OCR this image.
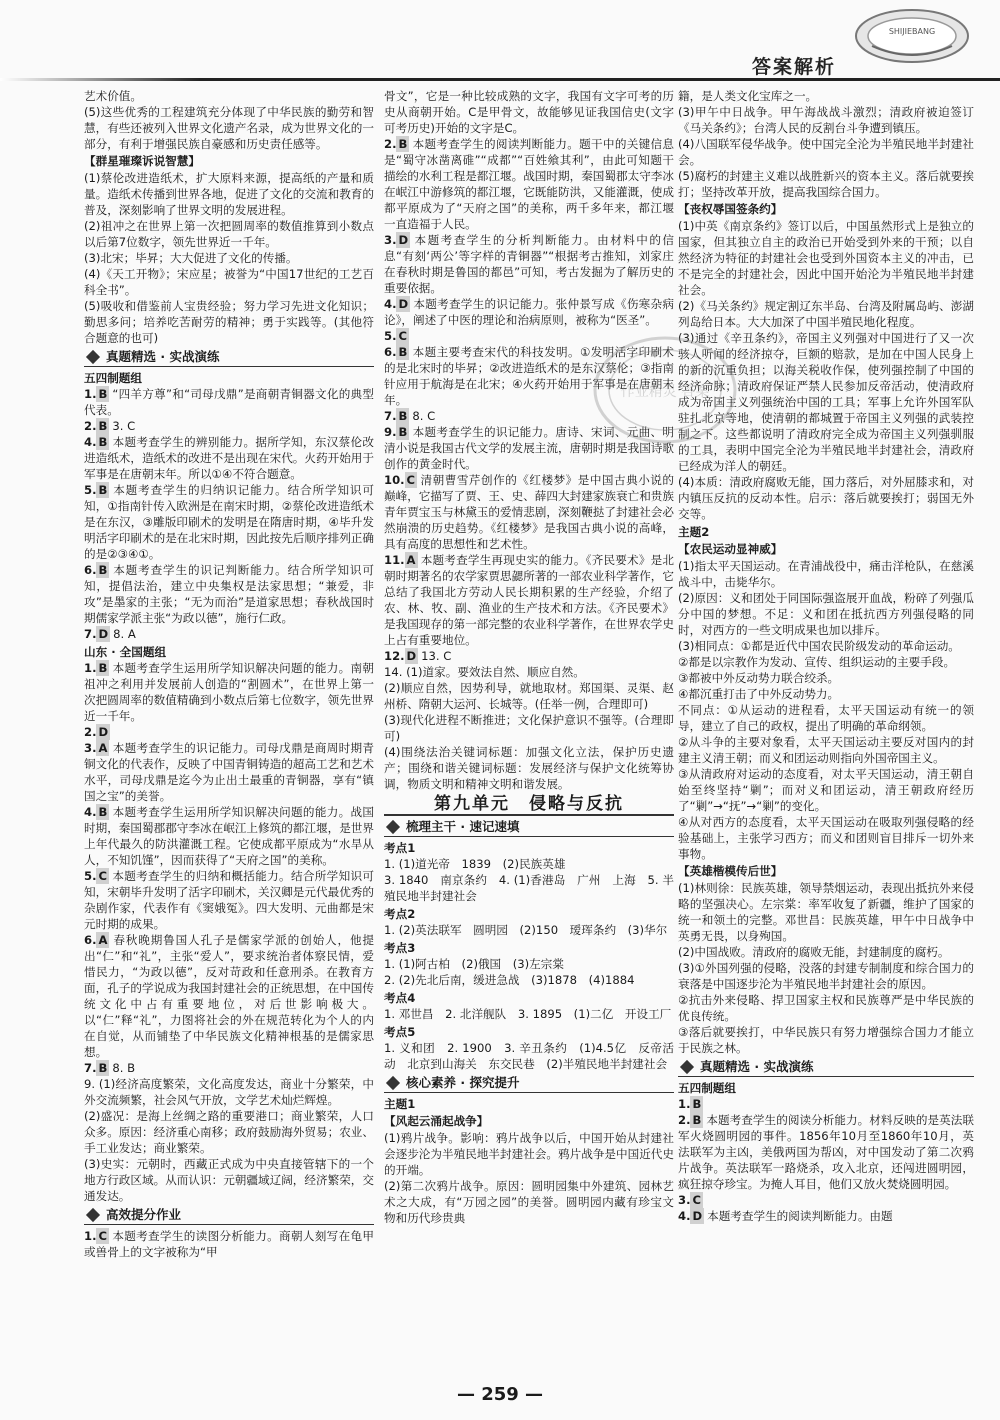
SHIJIEBANG
答案解析

艺术价值。

(5)这些优秀的工程建筑充分体现了中华民族的勤劳和智慧，有些还被列入世界文化遗产名录，成为世界文化的一部分，有利于增强民族自豪感和历史责任感等。

【群星璀璨诉说智慧】

(1)蔡伦改进造纸术，扩大原料来源，提高纸的产量和质量。造纸术传播到世界各地，促进了文化的交流和教育的普及，深刻影响了世界文明的发展进程。

(2)祖冲之在世界上第一次把圆周率的数值推算到小数点以后第7位数字，领先世界近一千年。

(3)北宋；毕昇；大大促进了文化的传播。

(4)《天工开物》；宋应星；被誉为“中国17世纪的工艺百科全书”。

(5)吸收和借鉴前人宝贵经验；努力学习先进文化知识；勤思多问；培养吃苦耐劳的精神；勇于实践等。(其他符合题意的也可)

真题精选 · 实战演练
五四制题组

1. B “四羊方尊”和“司母戊鼎”是商朝青铜器文化的典型代表。

2. B 3. C

4. B 本题考查学生的辨别能力。据所学知，东汉蔡伦改进造纸术，造纸术的改进不是出现在宋代。火药开始用于军事是在唐朝末年。所以①④不符合题意。

5. B 本题考查学生的归纳识记能力。结合所学知识可知，①指南针传入欧洲是在南宋时期，②蔡伦改进造纸术是在东汉，③雕版印刷术的发明是在隋唐时期，④毕升发明活字印刷术的是在北宋时期，因此按先后顺序排列正确的是②③④①。

6. B 本题考查学生的识记判断能力。结合所学知识可知，提倡法治，建立中央集权是法家思想；“兼爱，非攻”是墨家的主张；“无为而治”是道家思想；春秋战国时期儒家学派主张“为政以德”，施行仁政。

7. D 8. A

山东 · 全国题组

1. B 本题考查学生运用所学知识解决问题的能力。南朝祖冲之利用并发展前人创造的“割圆术”，在世界上第一次把圆周率的数值精确到小数点后第七位数字，领先世界近一千年。

2. D

3. A 本题考查学生的识记能力。司母戊鼎是商周时期青铜文化的代表作，反映了中国青铜铸造的超高工艺和艺术水平，司母戊鼎是迄今为止出土最重的青铜器，享有“镇国之宝”的美誉。

4. B 本题考查学生运用所学知识解决问题的能力。战国时期，秦国蜀郡郡守李冰在岷江上修筑的都江堰，是世界上年代最久的防洪灌溉工程。它使成都平原成为“水旱从人，不知饥馑”，因而获得了“天府之国”的美称。

5. C 本题考查学生的归纳和概括能力。结合所学知识可知，宋朝毕升发明了活字印刷术，关汉卿是元代最优秀的杂剧作家，代表作有《窦娥冤》。四大发明、元曲都是宋元时期的成果。

6. A 春秋晚期鲁国人孔子是儒家学派的创始人，他提出“仁”和“礼”，主张“爱人”，要求统治者体察民情，爱惜民力，“为政以德”，反对苛政和任意刑杀。在教育方面，孔子的学说成为我国封建社会的正统思想，在中国传统文化中占有重要地位，对后世影响极大。以“仁”释“礼”，力图将社会的外在规范转化为个人的内在自觉，从而铺垫了中华民族文化精神根基的是儒家思想。

7. B 8. B

9. (1)经济高度繁荣，文化高度发达，商业十分繁荣，中外交流频繁，社会风气开放，文学艺术灿烂辉煌。

(2)盛况：是海上丝绸之路的重要港口；商业繁荣，人口众多。原因：经济重心南移；政府鼓励海外贸易；农业、手工业发达；商业繁荣。

(3)史实：元朝时，西藏正式成为中央直接管辖下的一个地方行政区域。从而认识：元朝疆域辽阔，经济繁荣，交通发达。

高效提分作业

1. C 本题考查学生的读图分析能力。商朝人刻写在龟甲或兽骨上的文字被称为“甲

骨文”，它是一种比较成熟的文字，我国有文字可考的历史从商朝开始。C是甲骨文，故能够见证我国信史(文字可考历史)开始的文字是C。

2. B 本题考查学生的阅读判断能力。题干中的关键信息是“蜀守冰凿离碓”“成都”“百姓飨其利”，由此可知题干描绘的水利工程是都江堰。战国时期，秦国蜀郡太守李冰在岷江中游修筑的都江堰，它既能防洪，又能灌溉，使成都平原成为了“天府之国”的美称，两千多年来，都江堰一直造福于人民。

3. D 本题考查学生的分析判断能力。由材料中的信息“有刻‘两公’等字样的青铜器”“根据考古推知，刘家庄在春秋时期是鲁国的都邑”可知，考古发掘为了解历史的重要依据。

4. D 本题考查学生的识记能力。张仲景写成《伤寒杂病论》，阐述了中医的理论和治病原则，被称为“医圣”。

5. C

6. B 本题主要考查宋代的科技发明。①发明活字印刷术的是北宋时的毕昇；②改进造纸术的是东汉蔡伦；③指南针应用于航海是在北宋；④火药开始用于军事是在唐朝末年。

7. B 8. C

9. B 本题考查学生的识记能力。唐诗、宋词、元曲、明清小说是我国古代文学的发展主流，唐朝时期是我国诗歌创作的黄金时代。

10. C 清朝曹雪芹创作的《红楼梦》是中国古典小说的巅峰，它描写了贾、王、史、薛四大封建家族衰亡和贵族青年贾宝玉与林黛玉的爱情悲剧，深刻鞭挞了封建社会必然崩溃的历史趋势。《红楼梦》是我国古典小说的高峰，具有高度的思想性和艺术性。

11. A 本题考查学生再现史实的能力。《齐民要术》是北朝时期著名的农学家贾思勰所著的一部农业科学著作，它总结了我国北方劳动人民长期积累的生产经验，介绍了农、林、牧、副、渔业的生产技术和方法。《齐民要术》是我国现存的第一部完整的农业科学著作，在世界农学史上占有重要地位。

12. D 13. C

14. (1)道家。要效法自然、顺应自然。

(2)顺应自然，因势利导，就地取材。郑国渠、灵渠、赵州桥、隋朝大运河、长城等。(任举一例，合理即可)

(3)现代化进程不断推进；文化保护意识不强等。(合理即可)

(4)围绕法治关键词标题：加强文化立法，保护历史遗产；围绕和谐关键词标题：发展经济与保护文化统筹协调，物质文明和精神文明和谐发展。

第九单元　侵略与反抗
梳理主干 · 速记速填
考点1

1. (1)道光帝　1839　(2)民族英雄

3. 1840　南京条约　4. (1)香港岛　广州　上海　5. 半殖民地半封建社会

考点2

1. (2)英法联军　圆明园　(2)150　瑷珲条约　(3)华尔

考点3

1. (1)阿古柏　(2)俄国　(3)左宗棠

2. (2)先北后南，缓进急战　(3)1878　(4)1884

考点4

1. 邓世昌　2. 北洋舰队　3. 1895　(1)二亿　开设工厂

考点5

1. 义和团　2. 1900　3. 辛丑条约　(1)4.5亿　反帝活动　北京到山海关　东交民巷　(2)半殖民地半封建社会

核心素养 · 探究提升
主题1
【风起云涌起战争】

(1)鸦片战争。影响：鸦片战争以后，中国开始从封建社会逐步沦为半殖民地半封建社会。鸦片战争是中国近代史的开端。

(2)第二次鸦片战争。原因：圆明园集中外建筑、园林艺术之大成，有“万园之园”的美誉。圆明园内藏有珍宝文物和历代珍贵典

籍，是人类文化宝库之一。

(3)甲午中日战争。甲午海战战斗激烈；清政府被迫签订《马关条约》；台湾人民的反割台斗争遭到镇压。

(4)八国联军侵华战争。使中国完全沦为半殖民地半封建社会。

(5)腐朽的封建主义难以战胜新兴的资本主义。落后就要挨打；坚持改革开放，提高我国综合国力。

【丧权辱国签条约】

(1)中英《南京条约》签订以后，中国虽然形式上是独立的国家，但其独立自主的政治已开始受到外来的干预；以自然经济为特征的封建社会也受到外国资本主义的冲击，已不是完全的封建社会，因此中国开始沦为半殖民地半封建社会。

(2)《马关条约》规定割辽东半岛、台湾及附属岛屿、澎湖列岛给日本。大大加深了中国半殖民地化程度。

(3)通过《辛丑条约》，帝国主义列强对中国进行了又一次骇人听闻的经济掠夺，巨额的赔款，是加在中国人民身上的新的沉重负担；以海关税收作保，使列强控制了中国的经济命脉；清政府保证严禁人民参加反帝活动，使清政府成为帝国主义列强统治中国的工具；军事上允许外国军队驻扎北京等地，使清朝的都城置于帝国主义列强的武装控制之下。这些都说明了清政府完全成为帝国主义列强驯服的工具，表明中国完全沦为半殖民地半封建社会，清政府已经成为洋人的朝廷。

(4)本质：清政府腐败无能，国力落后，对外屈膝求和，对内镇压反抗的反动本性。启示：落后就要挨打；弱国无外交等。

主题2
【农民运动显神威】

(1)指太平天国运动。在青浦战役中，痛击洋枪队，在慈溪战斗中，击毙华尔。

(2)原因：义和团处于同国际强盗展开血战，粉碎了列强瓜分中国的梦想。不足：义和团在抵抗西方列强侵略的同时，对西方的一些文明成果也加以排斥。

(3)相同点：①都是近代中国农民阶级发动的革命运动。

②都是以宗教作为发动、宣传、组织运动的主要手段。

③都被中外反动势力联合绞杀。

④都沉重打击了中外反动势力。

不同点：①从运动的进程看，太平天国运动有统一的领导，建立了自己的政权，提出了明确的革命纲领。

②从斗争的主要对象看，太平天国运动主要反对国内的封建主义清王朝；而义和团运动则指向外国帝国主义。

③从清政府对运动的态度看，对太平天国运动，清王朝自始至终坚持“剿”；而对义和团运动，清王朝政府经历了“剿”→“抚”→“剿”的变化。

④从对西方的态度看，太平天国运动在吸取列强侵略的经验基础上，主张学习西方；而义和团则盲目排斥一切外来事物。

【英雄楷模传后世】

(1)林则徐：民族英雄，领导禁烟运动，表现出抵抗外来侵略的坚强决心。左宗棠：率军收复了新疆，维护了国家的统一和领土的完整。邓世昌：民族英雄，甲午中日战争中英勇无畏，以身殉国。

(2)中国战败。清政府的腐败无能，封建制度的腐朽。

(3)①外国列强的侵略，没落的封建专制制度和综合国力的衰落是中国逐步沦为半殖民地半封建社会的原因。

②抗击外来侵略、捍卫国家主权和民族尊严是中华民族的优良传统。

③落后就要挨打，中华民族只有努力增强综合国力才能立于民族之林。

真题精选 · 实战演练
五四制题组

1. B

2. B 本题考查学生的阅读分析能力。材料反映的是英法联军火烧圆明园的事件。1856年10月至1860年10月，英法联军为主凶，美俄两国为帮凶，对中国发动了第二次鸦片战争。英法联军一路烧杀，攻入北京，还闯进圆明园，疯狂掠夺珍宝。为掩人耳目，他们又放火焚烧圆明园。

3. C

4. D 本题考查学生的阅读判断能力。由题

作业精灵 答案
— 259 —
